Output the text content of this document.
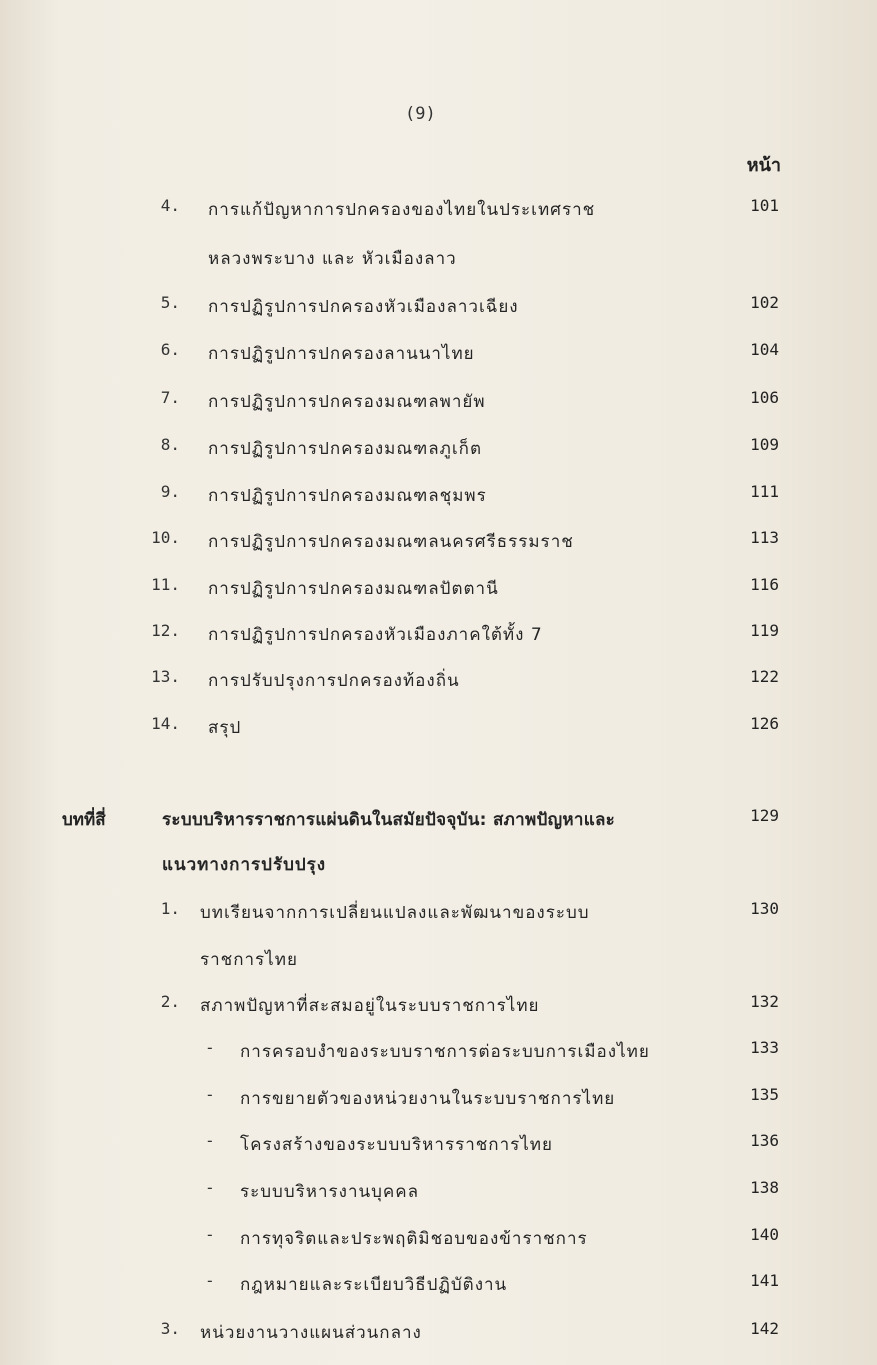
(9)
หน้า
4. การแก้ปัญหาการปกครองของไทยในประเทศราช	101
หลวงพระบาง และ หัวเมืองลาว
5. การปฏิรูปการปกครองหัวเมืองลาวเฉียง	102
6. การปฏิรูปการปกครองลานนาไทย	104
7. การปฏิรูปการปกครองมณฑลพายัพ	106
8. การปฏิรูปการปกครองมณฑลภูเก็ต	109
9. การปฏิรูปการปกครองมณฑลชุมพร	111
10. การปฏิรูปการปกครองมณฑลนครศรีธรรมราช	113
11. การปฏิรูปการปกครองมณฑลปัตตานี	116
12. การปฏิรูปการปกครองหัวเมืองภาคใต้ทั้ง 7	119
13. การปรับปรุงการปกครองท้องถิ่น	122
14. สรุป	126
บทที่สี่	ระบบบริหารราชการแผ่นดินในสมัยปัจจุบัน: สภาพปัญหาและ	129
แนวทางการปรับปรุง
1. บทเรียนจากการเปลี่ยนแปลงและพัฒนาของระบบ	130
ราชการไทย
2. สภาพปัญหาที่สะสมอยู่ในระบบราชการไทย	132
- การครอบงำของระบบราชการต่อระบบการเมืองไทย	133
- การขยายตัวของหน่วยงานในระบบราชการไทย	135
- โครงสร้างของระบบบริหารราชการไทย	136
- ระบบบริหารงานบุคคล	138
- การทุจริตและประพฤติมิชอบของข้าราชการ	140
- กฎหมายและระเบียบวิธีปฏิบัติงาน	141
3. หน่วยงานวางแผนส่วนกลาง	142
